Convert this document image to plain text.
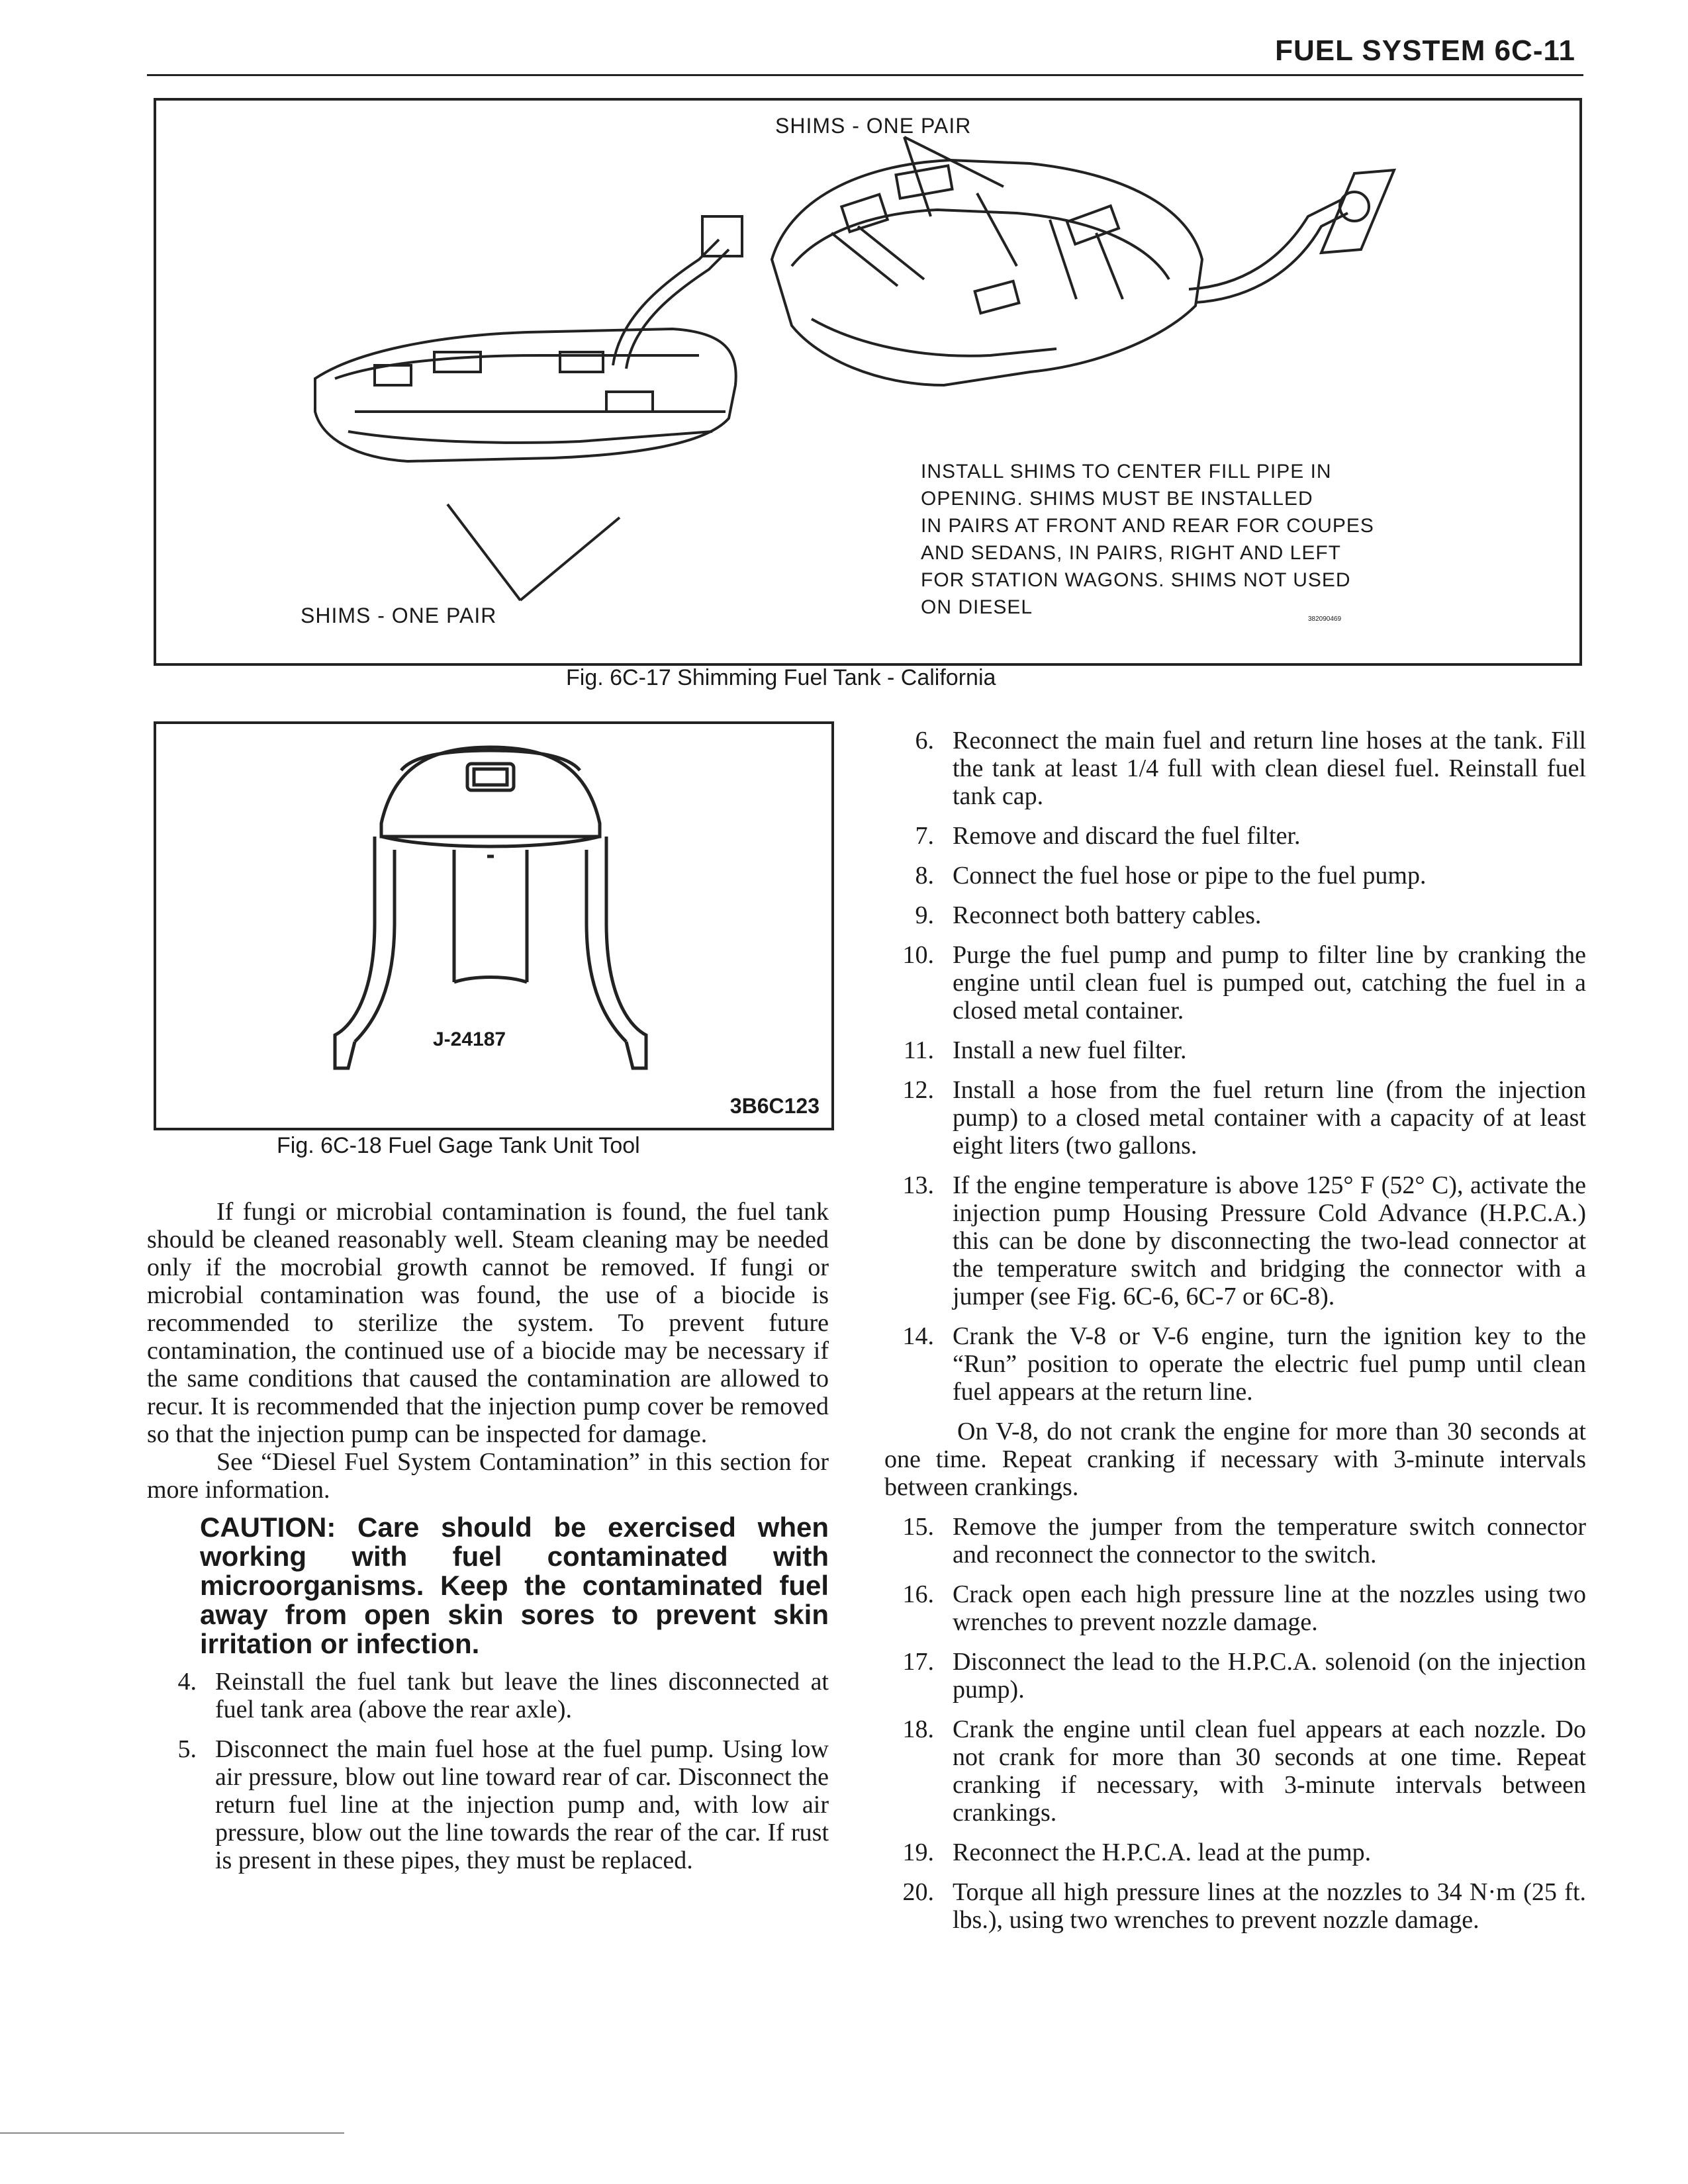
FUEL SYSTEM 6C-11
SHIMS - ONE PAIR
SHIMS - ONE PAIR
INSTALL SHIMS TO CENTER FILL PIPE IN
OPENING. SHIMS MUST BE INSTALLED
IN PAIRS AT FRONT AND REAR FOR COUPES
AND SEDANS, IN PAIRS, RIGHT AND LEFT
FOR STATION WAGONS. SHIMS NOT USED
ON DIESEL
382090469
Fig. 6C-17 Shimming Fuel Tank - California
J-24187
3B6C123
Fig. 6C-18 Fuel Gage Tank Unit Tool

If fungi or microbial contamination is found, the fuel tank should be cleaned reasonably well. Steam cleaning may be needed only if the mocrobial growth cannot be removed. If fungi or microbial contamination was found, the use of a biocide is recommended to sterilize the system. To prevent future contamination, the continued use of a biocide may be necessary if the same conditions that caused the contamination are allowed to recur. It is recommended that the injection pump cover be removed so that the injection pump can be inspected for damage.

See “Diesel Fuel System Contamination” in this section for more information.

CAUTION: Care should be exercised when working with fuel contaminated with microorganisms. Keep the contaminated fuel away from open skin sores to prevent skin irritation or infection.
4. Reinstall the fuel tank but leave the lines disconnected at fuel tank area (above the rear axle).
5. Disconnect the main fuel hose at the fuel pump. Using low air pressure, blow out line toward rear of car. Disconnect the return fuel line at the injection pump and, with low air pressure, blow out the line towards the rear of the car. If rust is present in these pipes, they must be replaced.
6. Reconnect the main fuel and return line hoses at the tank. Fill the tank at least 1/4 full with clean diesel fuel. Reinstall fuel tank cap.
7. Remove and discard the fuel filter.
8. Connect the fuel hose or pipe to the fuel pump.
9. Reconnect both battery cables.
10. Purge the fuel pump and pump to filter line by cranking the engine until clean fuel is pumped out, catching the fuel in a closed metal container.
11. Install a new fuel filter.
12. Install a hose from the fuel return line (from the injection pump) to a closed metal container with a capacity of at least eight liters (two gallons.
13. If the engine temperature is above 125° F (52° C), activate the injection pump Housing Pressure Cold Advance (H.P.C.A.) this can be done by disconnecting the two-lead connector at the temperature switch and bridging the connector with a jumper (see Fig. 6C-6, 6C-7 or 6C-8).
14. Crank the V-8 or V-6 engine, turn the ignition key to the “Run” position to operate the electric fuel pump until clean fuel appears at the return line.

On V-8, do not crank the engine for more than 30 seconds at one time. Repeat cranking if necessary with 3-minute intervals between crankings.

15. Remove the jumper from the temperature switch connector and reconnect the connector to the switch.
16. Crack open each high pressure line at the nozzles using two wrenches to prevent nozzle damage.
17. Disconnect the lead to the H.P.C.A. solenoid (on the injection pump).
18. Crank the engine until clean fuel appears at each nozzle. Do not crank for more than 30 seconds at one time. Repeat cranking if necessary, with 3-minute intervals between crankings.
19. Reconnect the H.P.C.A. lead at the pump.
20. Torque all high pressure lines at the nozzles to 34 N·m (25 ft. lbs.), using two wrenches to prevent nozzle damage.
